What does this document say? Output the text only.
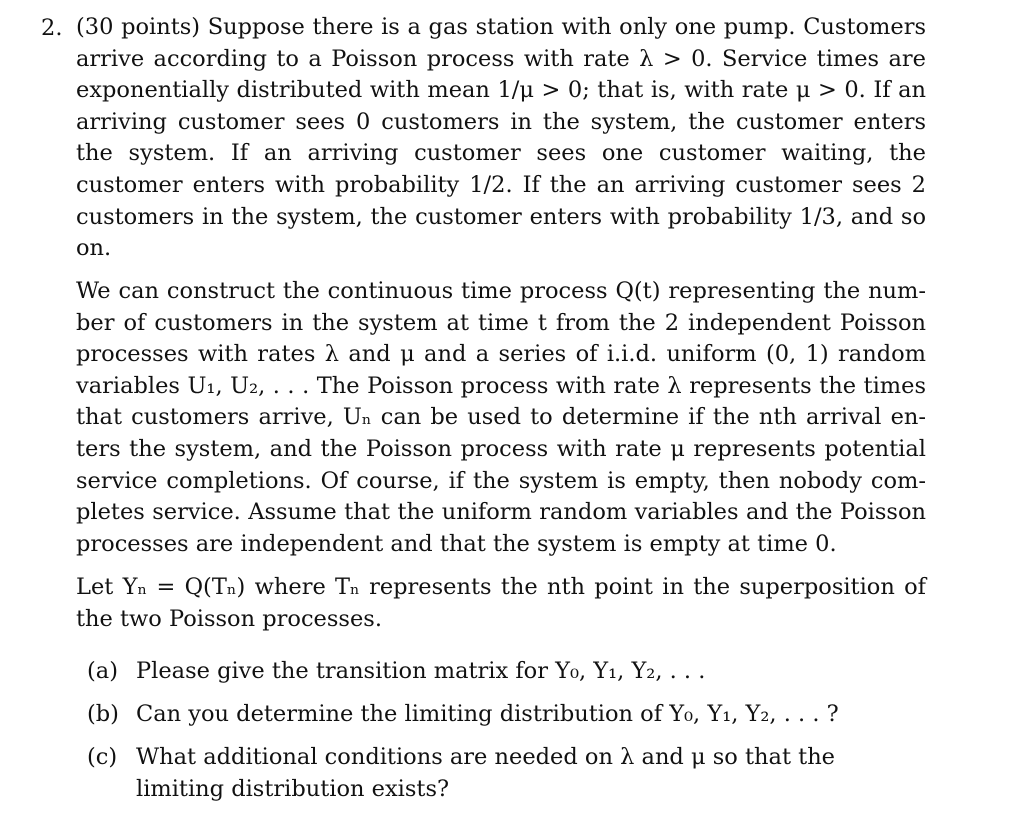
2. (30 points) Suppose there is a gas station with only one pump. Customers arrive according to a Poisson process with rate λ > 0. Service times are exponentially distributed with mean 1/μ > 0; that is, with rate μ > 0. If an arriving customer sees 0 customers in the system, the customer enters the system. If an arriving customer sees one customer waiting, the customer enters with probability 1/2. If the an arriving customer sees 2 customers in the system, the customer enters with probability 1/3, and so on.

We can construct the continuous time process Q(t) representing the number of customers in the system at time t from the 2 independent Poisson processes with rates λ and μ and a series of i.i.d. uniform (0, 1) random variables U₁, U₂, . . . The Poisson process with rate λ represents the times that customers arrive, Uₙ can be used to determine if the nth arrival enters the system, and the Poisson process with rate μ represents potential service completions. Of course, if the system is empty, then nobody completes service. Assume that the uniform random variables and the Poisson processes are independent and that the system is empty at time 0.

Let Yₙ = Q(Tₙ) where Tₙ represents the nth point in the superposition of the two Poisson processes.

(a) Please give the transition matrix for Y₀, Y₁, Y₂, . . .
(b) Can you determine the limiting distribution of Y₀, Y₁, Y₂, . . . ?
(c) What additional conditions are needed on λ and μ so that the limiting distribution exists?
